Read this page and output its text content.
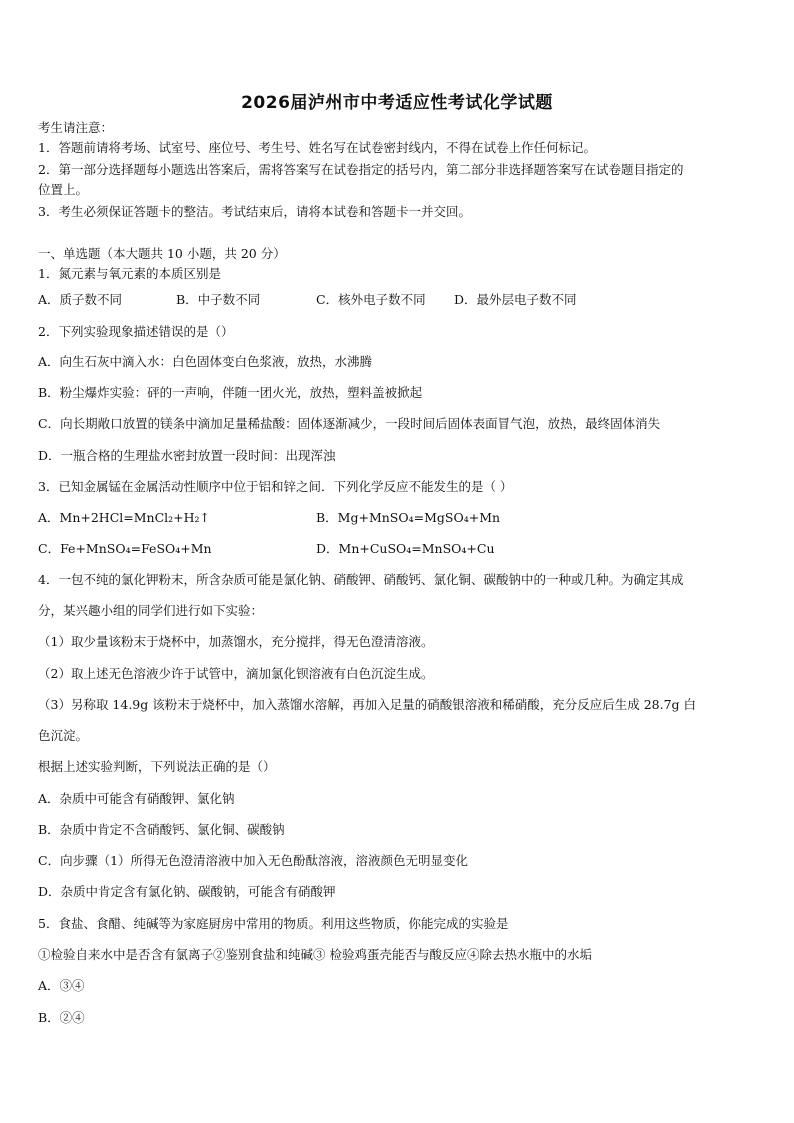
2026届泸州市中考适应性考试化学试题
考生请注意：
1．答题前请将考场、试室号、座位号、考生号、姓名写在试卷密封线内，不得在试卷上作任何标记。
2．第一部分选择题每小题选出答案后，需将答案写在试卷指定的括号内，第二部分非选择题答案写在试卷题目指定的
位置上。
3．考生必须保证答题卡的整洁。考试结束后，请将本试卷和答题卡一并交回。
一、单选题（本大题共 10 小题，共 20 分）
1．氮元素与氧元素的本质区别是
A．质子数不同	B．中子数不同	C．核外电子数不同 D．最外层电子数不同
2．下列实验现象描述错误的是（）
A．向生石灰中滴入水：白色固体变白色浆液，放热，水沸腾
B．粉尘爆炸实验：砰的一声响，伴随一团火光，放热，塑料盖被掀起
C．向长期敞口放置的镁条中滴加足量稀盐酸：固体逐渐减少，一段时间后固体表面冒气泡，放热，最终固体消失
D．一瓶合格的生理盐水密封放置一段时间：出现浑浊
3．已知金属锰在金属活动性顺序中位于铝和锌之间．下列化学反应不能发生的是（ ）
A．Mn+2HCl=MnCl₂+H₂↑	B．Mg+MnSO₄=MgSO₄+Mn
C．Fe+MnSO₄=FeSO₄+Mn	D．Mn+CuSO₄=MnSO₄+Cu
4．一包不纯的氯化钾粉末，所含杂质可能是氯化钠、硝酸钾、硝酸钙、氯化铜、碳酸钠中的一种或几种。为确定其成
分，某兴趣小组的同学们进行如下实验：
（1）取少量该粉末于烧杯中，加蒸馏水，充分搅拌，得无色澄清溶液。
（2）取上述无色溶液少许于试管中，滴加氯化钡溶液有白色沉淀生成。
（3）另称取 14.9g 该粉末于烧杯中，加入蒸馏水溶解，再加入足量的硝酸银溶液和稀硝酸，充分反应后生成 28.7g 白
色沉淀。
根据上述实验判断，下列说法正确的是（）
A．杂质中可能含有硝酸钾、氯化钠
B．杂质中肯定不含硝酸钙、氯化铜、碳酸钠
C．向步骤（1）所得无色澄清溶液中加入无色酚酞溶液，溶液颜色无明显变化
D．杂质中肯定含有氯化钠、碳酸钠，可能含有硝酸钾
5．食盐、食醋、纯碱等为家庭厨房中常用的物质。利用这些物质，你能完成的实验是
①检验自来水中是否含有氯离子②鉴别食盐和纯碱③ 检验鸡蛋壳能否与酸反应④除去热水瓶中的水垢
A．③④
B．②④
